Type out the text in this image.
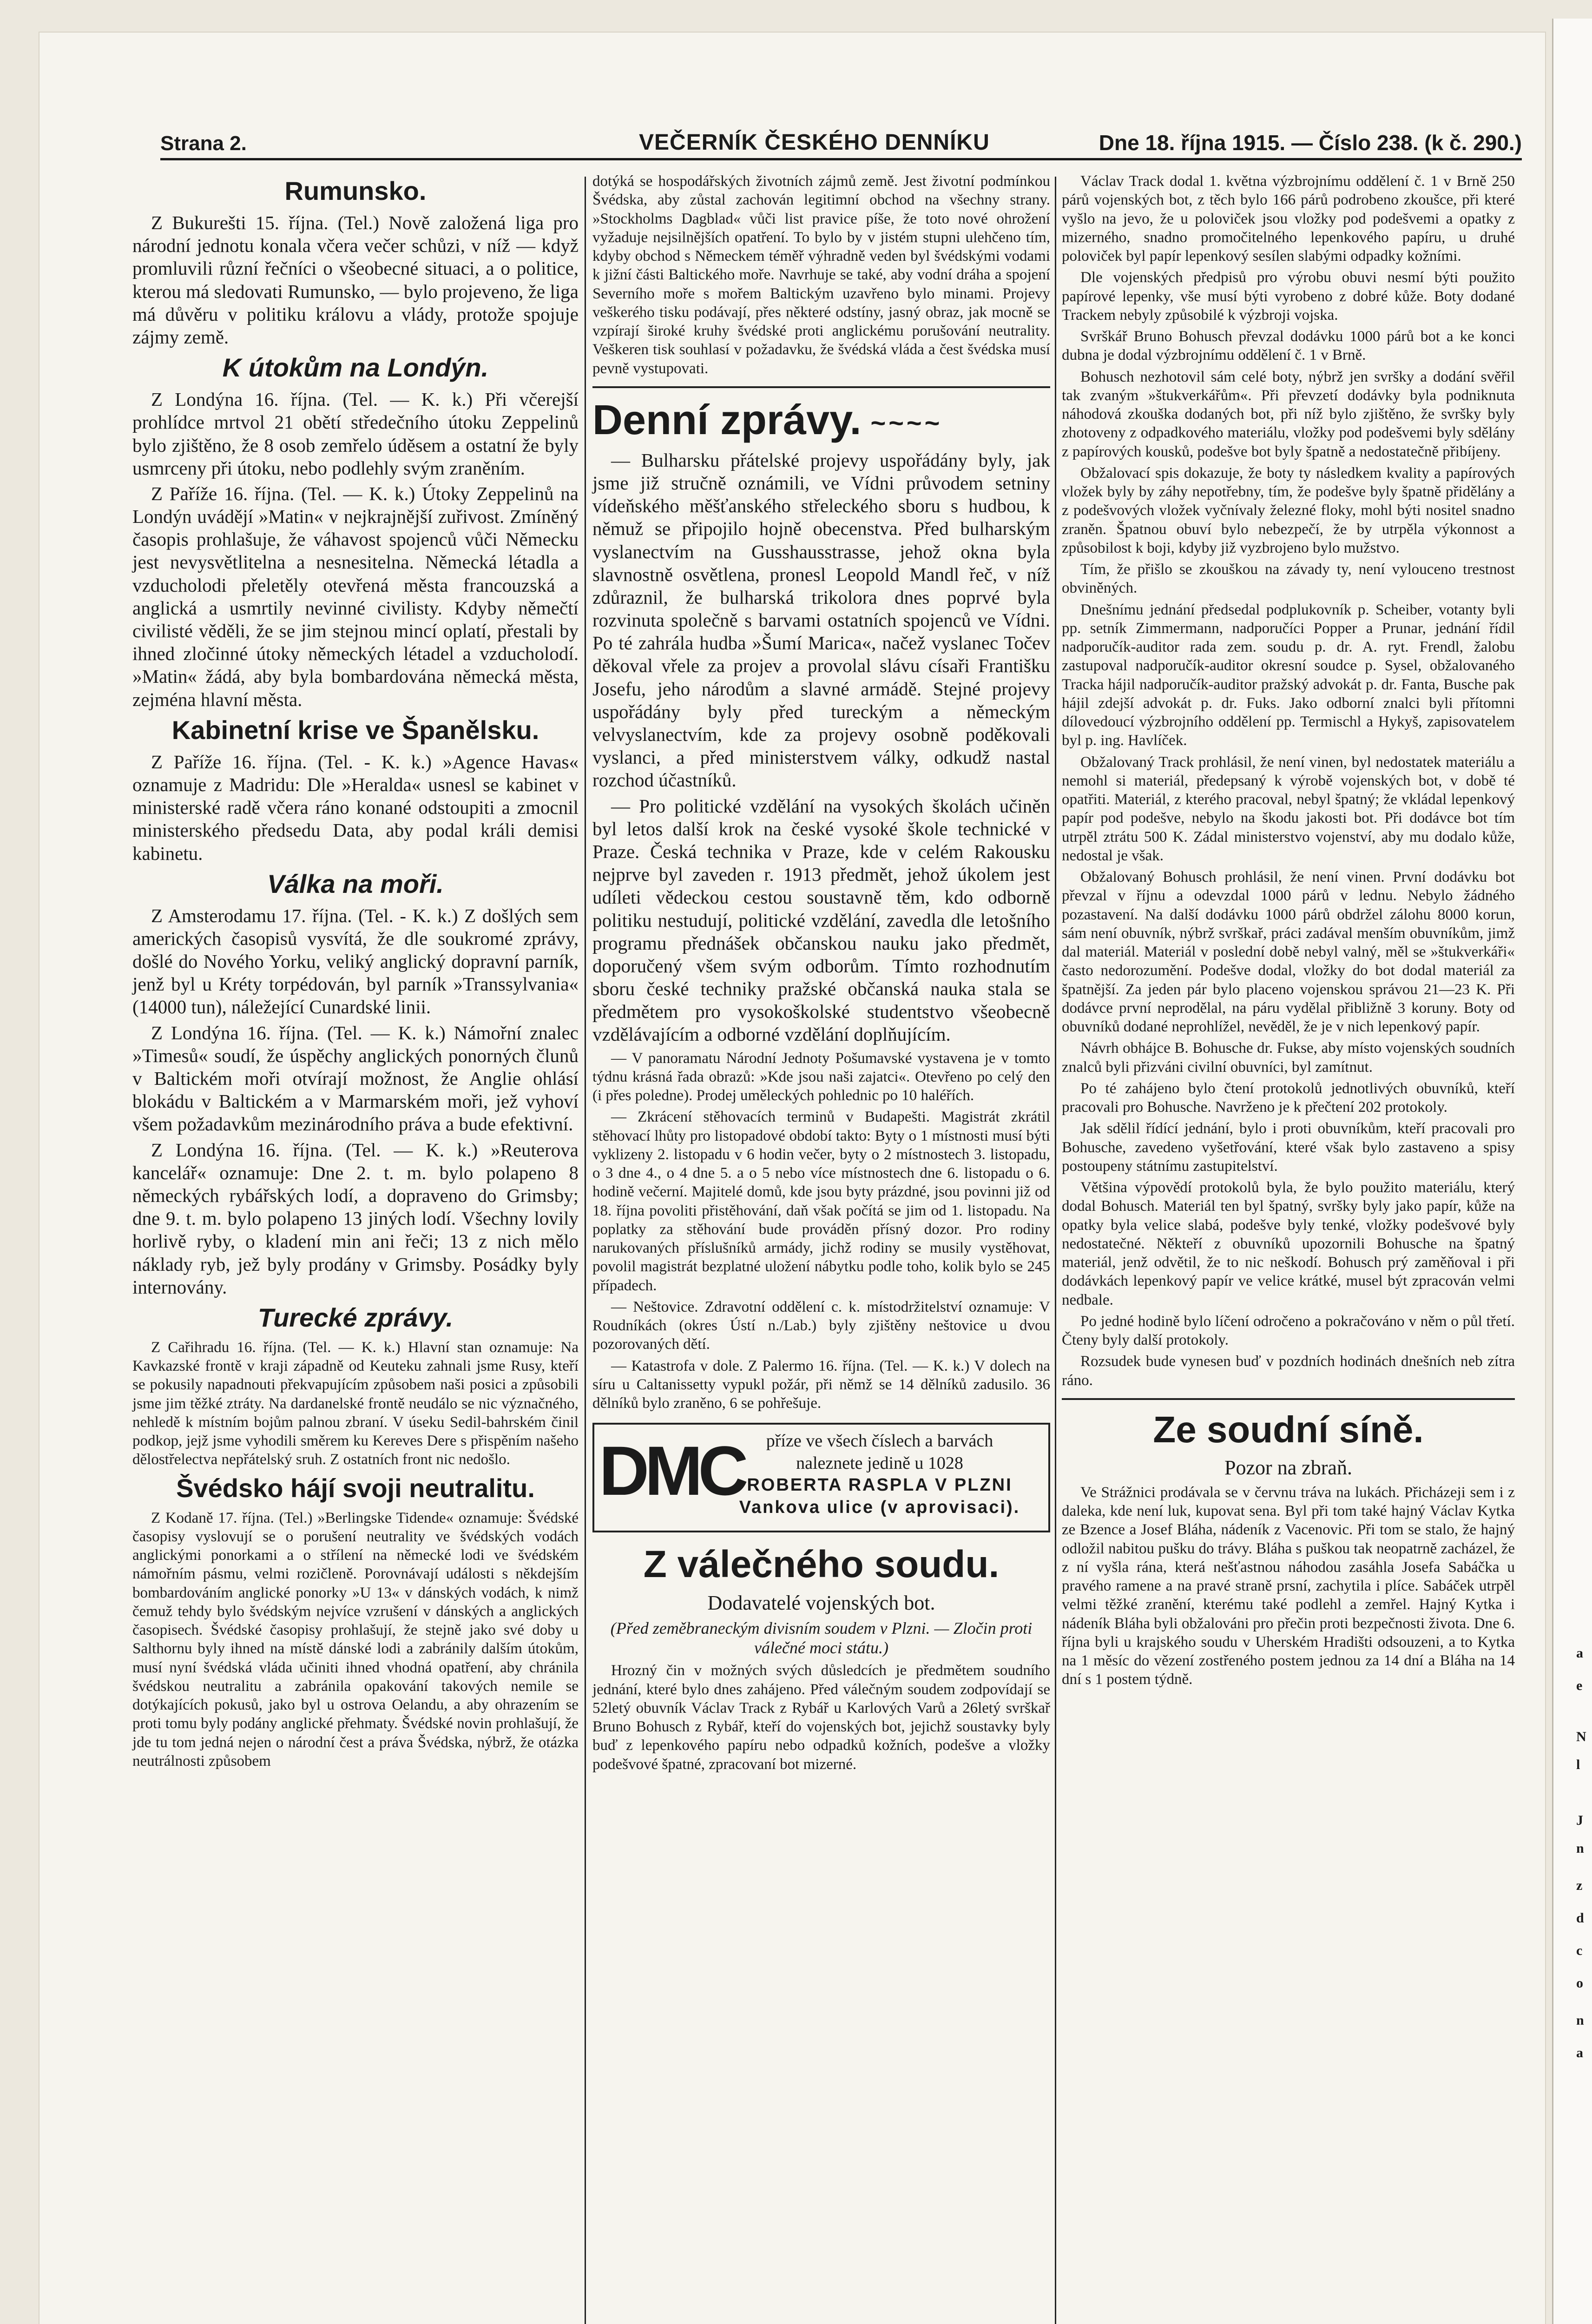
a
e
N
l
J
n
z
d
c
o
n
a
Strana 2.	VEČERNÍK ČESKÉHO DENNÍKU	Dne 18. října 1915. — Číslo 238. (k č. 290.)
Rumunsko.

Z Bukurešti 15. října. (Tel.) Nově založená liga pro národní jednotu konala včera večer schůzi, v níž — když promluvili různí řečníci o všeobecné situaci, a o politice, kterou má sledovati Rumunsko, — bylo projeveno, že liga má důvěru v politiku královu a vlády, protože spojuje zájmy země.

K útokům na Londýn.

Z Londýna 16. října. (Tel. — K. k.) Při včerejší prohlídce mrtvol 21 obětí středečního útoku Zeppelinů bylo zjištěno, že 8 osob zemřelo úděsem a ostatní že byly usmrceny při útoku, nebo podlehly svým zraněním.

Z Paříže 16. října. (Tel. — K. k.) Útoky Zeppelinů na Londýn uvádějí »Matin« v nejkrajnější zuřivost. Zmíněný časopis prohlašuje, že váhavost spojenců vůči Německu jest nevysvětlitelna a nesnesitelna. Německá létadla a vzducholodi přeletěly otevřená města francouzská a anglická a usmrtily nevinné civilisty. Kdyby němečtí civilisté věděli, že se jim stejnou mincí oplatí, přestali by ihned zločinné útoky německých létadel a vzducholodí. »Matin« žádá, aby byla bombardována německá města, zejména hlavní města.

Kabinetní krise ve Španělsku.

Z Paříže 16. října. (Tel. - K. k.) »Agence Havas« oznamuje z Madridu: Dle »Heralda« usnesl se kabinet v ministerské radě včera ráno konané odstoupiti a zmocnil ministerského předsedu Data, aby podal králi demisi kabinetu.

Válka na moři.

Z Amsterodamu 17. října. (Tel. - K. k.) Z došlých sem amerických časopisů vysvítá, že dle soukromé zprávy, došlé do Nového Yorku, veliký anglický dopravní parník, jenž byl u Kréty torpédován, byl parník »Transsylvania« (14000 tun), náležející Cunardské linii.

Z Londýna 16. října. (Tel. — K. k.) Námořní znalec »Timesů« soudí, že úspěchy anglických ponorných člunů v Baltickém moři otvírají možnost, že Anglie ohlásí blokádu v Baltickém a v Marmarském moři, jež vyhoví všem požadavkům mezinárodního práva a bude efektivní.

Z Londýna 16. října. (Tel. — K. k.) »Reuterova kancelář« oznamuje: Dne 2. t. m. bylo polapeno 8 německých rybářských lodí, a dopraveno do Grimsby; dne 9. t. m. bylo polapeno 13 jiných lodí. Všechny lovily horlivě ryby, o kladení min ani řeči; 13 z nich mělo náklady ryb, jež byly prodány v Grimsby. Posádky byly internovány.

Turecké zprávy.

Z Cařihradu 16. října. (Tel. — K. k.) Hlavní stan oznamuje: Na Kavkazské frontě v kraji západně od Keuteku zahnali jsme Rusy, kteří se pokusily napadnouti překvapujícím způsobem naši posici a způsobili jsme jim těžké ztráty. Na dardanelské frontě neudálo se nic význačného, nehledě k místním bojům palnou zbraní. V úseku Sedil-bahrském činil podkop, jejž jsme vyhodili směrem ku Kereves Dere s přispěním našeho dělostřelectva nepřátelský sruh. Z ostatních front nic nedošlo.

Švédsko hájí svoji neutralitu.

Z Kodaně 17. října. (Tel.) »Berlingske Tidende« oznamuje: Švédské časopisy vyslovují se o porušení neutrality ve švédských vodách anglickými ponorkami a o střílení na německé lodi ve švédském námořním pásmu, velmi rozičleně. Porovnávají události s někdejším bombardováním anglické ponorky »U 13« v dánských vodách, k nimž čemuž tehdy bylo švédským nejvíce vzrušení v dánských a anglických časopisech. Švédské časopisy prohlašují, že stejně jako své doby u Salthornu byly ihned na místě dánské lodi a zabránily dalším útokům, musí nyní švédská vláda učiniti ihned vhodná opatření, aby chránila švédskou neutralitu a zabránila opakování takových nemile se dotýkajících pokusů, jako byl u ostrova Oelandu, a aby ohrazením se proti tomu byly podány anglické přehmaty. Švédské novin prohlašují, že jde tu tom jedná nejen o národní čest a práva Švédska, nýbrž, že otázka neutrálnosti způsobem

dotýká se hospodářských životních zájmů země. Jest životní podmínkou Švédska, aby zůstal zachován legitimní obchod na všechny strany. »Stockholms Dagblad« vůči list pravice píše, že toto nové ohrožení vyžaduje nejsilnějších opatření. To bylo by v jistém stupni ulehčeno tím, kdyby obchod s Německem téměř výhradně veden byl švédskými vodami k jižní části Baltického moře. Navrhuje se také, aby vodní dráha a spojení Severního moře s mořem Baltickým uzavřeno bylo minami. Projevy veškerého tisku podávají, přes některé odstíny, jasný obraz, jak mocně se vzpírají široké kruhy švédské proti anglickému porušování neutrality. Veškeren tisk souhlasí v požadavku, že švédská vláda a čest švédska musí pevně vystupovati.

Denní zprávy. ~~~~

— Bulharsku přátelské projevy uspořádány byly, jak jsme již stručně oznámili, ve Vídni průvodem setniny vídeňského měšťanského střeleckého sboru s hudbou, k němuž se připojilo hojně obecenstva. Před bulharským vyslanectvím na Gusshausstrasse, jehož okna byla slavnostně osvětlena, pronesl Leopold Mandl řeč, v níž zdůraznil, že bulharská trikolora dnes poprvé byla rozvinuta společně s barvami ostatních spojenců ve Vídni. Po té zahrála hudba »Šumí Marica«, načež vyslanec Točev děkoval vřele za projev a provolal slávu císaři Františku Josefu, jeho národům a slavné armádě. Stejné projevy uspořádány byly před tureckým a německým velvyslanectvím, kde za projevy osobně poděkovali vyslanci, a před ministerstvem války, odkudž nastal rozchod účastníků.

— Pro politické vzdělání na vysokých školách učiněn byl letos další krok na české vysoké škole technické v Praze. Česká technika v Praze, kde v celém Rakousku nejprve byl zaveden r. 1913 předmět, jehož úkolem jest udíleti vědeckou cestou soustavně těm, kdo odborně politiku nestudují, politické vzdělání, zavedla dle letošního programu přednášek občanskou nauku jako předmět, doporučený všem svým odborům. Tímto rozhodnutím sboru české techniky pražské občanská nauka stala se předmětem pro vysokoškolské studentstvo všeobecně vzdělávajícím a odborné vzdělání doplňujícím.

— V panoramatu Národní Jednoty Pošumavské vystavena je v tomto týdnu krásná řada obrazů: »Kde jsou naši zajatci«. Otevřeno po celý den (i přes poledne). Prodej uměleckých pohlednic po 10 haléřích.

— Zkrácení stěhovacích terminů v Budapešti. Magistrát zkrátil stěhovací lhůty pro listopadové období takto: Byty o 1 místnosti musí býti vyklizeny 2. listopadu v 6 hodin večer, byty o 2 místnostech 3. listopadu, o 3 dne 4., o 4 dne 5. a o 5 nebo více místnostech dne 6. listopadu o 6. hodině večerní. Majitelé domů, kde jsou byty prázdné, jsou povinni již od 18. října povoliti přistěhování, daň však počítá se jim od 1. listopadu. Na poplatky za stěhování bude prováděn přísný dozor. Pro rodiny narukovaných příslušníků armády, jichž rodiny se musily vystěhovat, povolil magistrát bezplatné uložení nábytku podle toho, kolik bylo se 245 případech.

— Neštovice. Zdravotní oddělení c. k. místodržitelství oznamuje: V Roudníkách (okres Ústí n./Lab.) byly zjištěny neštovice u dvou pozorovaných dětí.

— Katastrofa v dole. Z Palermo 16. října. (Tel. — K. k.) V dolech na síru u Caltanissetty vypukl požár, při němž se 14 dělníků zadusilo. 36 dělníků bylo zraněno, 6 se pohřešuje.

DMC	příze ve všech číslech a barvách
naleznete jedině u 1028
ROBERTA RASPLA V PLZNI
Vankova ulice (v aprovisaci).
Z válečného soudu.
Dodavatelé vojenských bot.
(Před zeměbraneckým divisním soudem v Plzni. — Zločin proti válečné moci státu.)

Hrozný čin v možných svých důsledcích je předmětem soudního jednání, které bylo dnes zahájeno. Před válečným soudem zodpovídají se 52letý obuvník Václav Track z Rybář u Karlových Varů a 26letý svrškař Bruno Bohusch z Rybář, kteří do vojenských bot, jejichž soustavky byly buď z lepenkového papíru nebo odpadků kožních, podešve a vložky podešvové špatné, zpracovaní bot mizerné.

Václav Track dodal 1. května výzbrojnímu oddělení č. 1 v Brně 250 párů vojenských bot, z těch bylo 166 párů podrobeno zkoušce, při které vyšlo na jevo, že u poloviček jsou vložky pod podešvemi a opatky z mizerného, snadno promočitelného lepenkového papíru, u druhé poloviček byl papír lepenkový sesílen slabými odpadky kožními.

Dle vojenských předpisů pro výrobu obuvi nesmí býti použito papírové lepenky, vše musí býti vyrobeno z dobré kůže. Boty dodané Trackem nebyly způsobilé k výzbroji vojska.

Svrškář Bruno Bohusch převzal dodávku 1000 párů bot a ke konci dubna je dodal výzbrojnímu oddělení č. 1 v Brně.

Bohusch nezhotovil sám celé boty, nýbrž jen svršky a dodání svěřil tak zvaným »štukverkářům«. Při převzetí dodávky byla podniknuta náhodová zkouška dodaných bot, při níž bylo zjištěno, že svršky byly zhotoveny z odpadkového materiálu, vložky pod podešvemi byly sdělány z papírových kousků, podešve bot byly špatně a nedostatečně přibíjeny.

Obžalovací spis dokazuje, že boty ty následkem kvality a papírových vložek byly by záhy nepotřebny, tím, že podešve byly špatně přidělány a z podešvových vložek vyčnívaly železné floky, mohl býti nositel snadno zraněn. Špatnou obuví bylo nebezpečí, že by utrpěla výkonnost a způsobilost k boji, kdyby již vyzbrojeno bylo mužstvo.

Tím, že přišlo se zkouškou na závady ty, není vylouceno trestnost obviněných.

Dnešnímu jednání předsedal podplukovník p. Scheiber, votanty byli pp. setník Zimmermann, nadporučíci Popper a Prunar, jednání řídil nadporučík-auditor rada zem. soudu p. dr. A. ryt. Frendl, žalobu zastupoval nadporučík-auditor okresní soudce p. Sysel, obžalovaného Tracka hájil nadporučík-auditor pražský advokát p. dr. Fanta, Busche pak hájil zdejší advokát p. dr. Fuks. Jako odborní znalci byli přítomni dílovedoucí výzbrojního oddělení pp. Termischl a Hykyš, zapisovatelem byl p. ing. Havlíček.

Obžalovaný Track prohlásil, že není vinen, byl nedostatek materiálu a nemohl si materiál, předepsaný k výrobě vojenských bot, v době té opatřiti. Materiál, z kterého pracoval, nebyl špatný; že vkládal lepenkový papír pod podešve, nebylo na škodu jakosti bot. Při dodávce bot tím utrpěl ztrátu 500 K. Zádal ministerstvo vojenství, aby mu dodalo kůže, nedostal je však.

Obžalovaný Bohusch prohlásil, že není vinen. První dodávku bot převzal v říjnu a odevzdal 1000 párů v lednu. Nebylo žádného pozastavení. Na další dodávku 1000 párů obdržel zálohu 8000 korun, sám není obuvník, nýbrž svrškař, práci zadával menším obuvníkům, jimž dal materiál. Materiál v poslední době nebyl valný, měl se »štukverkáři« často nedorozumění. Podešve dodal, vložky do bot dodal materiál za špatnější. Za jeden pár bylo placeno vojenskou správou 21—23 K. Při dodávce první neprodělal, na páru vydělal přibližně 3 koruny. Boty od obuvníků dodané neprohlížel, nevěděl, že je v nich lepenkový papír.

Návrh obhájce B. Bohusche dr. Fukse, aby místo vojenských soudních znalců byli přizváni civilní obuvníci, byl zamítnut.

Po té zahájeno bylo čtení protokolů jednotlivých obuvníků, kteří pracovali pro Bohusche. Navrženo je k přečtení 202 protokoly.

Jak sdělil řídící jednání, bylo i proti obuvníkům, kteří pracovali pro Bohusche, zavedeno vyšetřování, které však bylo zastaveno a spisy postoupeny státnímu zastupitelství.

Většina výpovědí protokolů byla, že bylo použito materiálu, který dodal Bohusch. Materiál ten byl špatný, svršky byly jako papír, kůže na opatky byla velice slabá, podešve byly tenké, vložky podešvové byly nedostatečné. Někteří z obuvníků upozornili Bohusche na špatný materiál, jenž odvětil, že to nic neškodí. Bohusch prý zaměňoval i při dodávkách lepenkový papír ve velice krátké, musel být zpracován velmi nedbale.

Po jedné hodině bylo líčení odročeno a pokračováno v něm o půl třetí. Čteny byly další protokoly.

Rozsudek bude vynesen buď v pozdních hodinách dnešních neb zítra ráno.

Ze soudní síně.
Pozor na zbraň.

Ve Strážnici prodávala se v červnu tráva na lukách. Přicházeji sem i z daleka, kde není luk, kupovat sena. Byl při tom také hajný Václav Kytka ze Bzence a Josef Bláha, nádeník z Vacenovic. Při tom se stalo, že hajný odložil nabitou pušku do trávy. Bláha s puškou tak neopatrně zacházel, že z ní vyšla rána, která nešťastnou náhodou zasáhla Josefa Sabáčka u pravého ramene a na pravé straně prsní, zachytila i plíce. Sabáček utrpěl velmi těžké zranění, kterému také podlehl a zemřel. Hajný Kytka i nádeník Bláha byli obžalováni pro přečin proti bezpečnosti života. Dne 6. října byli u krajského soudu v Uherském Hradišti odsouzeni, a to Kytka na 1 měsíc do vězení zostřeného postem jednou za 14 dní a Bláha na 14 dní s 1 postem týdně.
